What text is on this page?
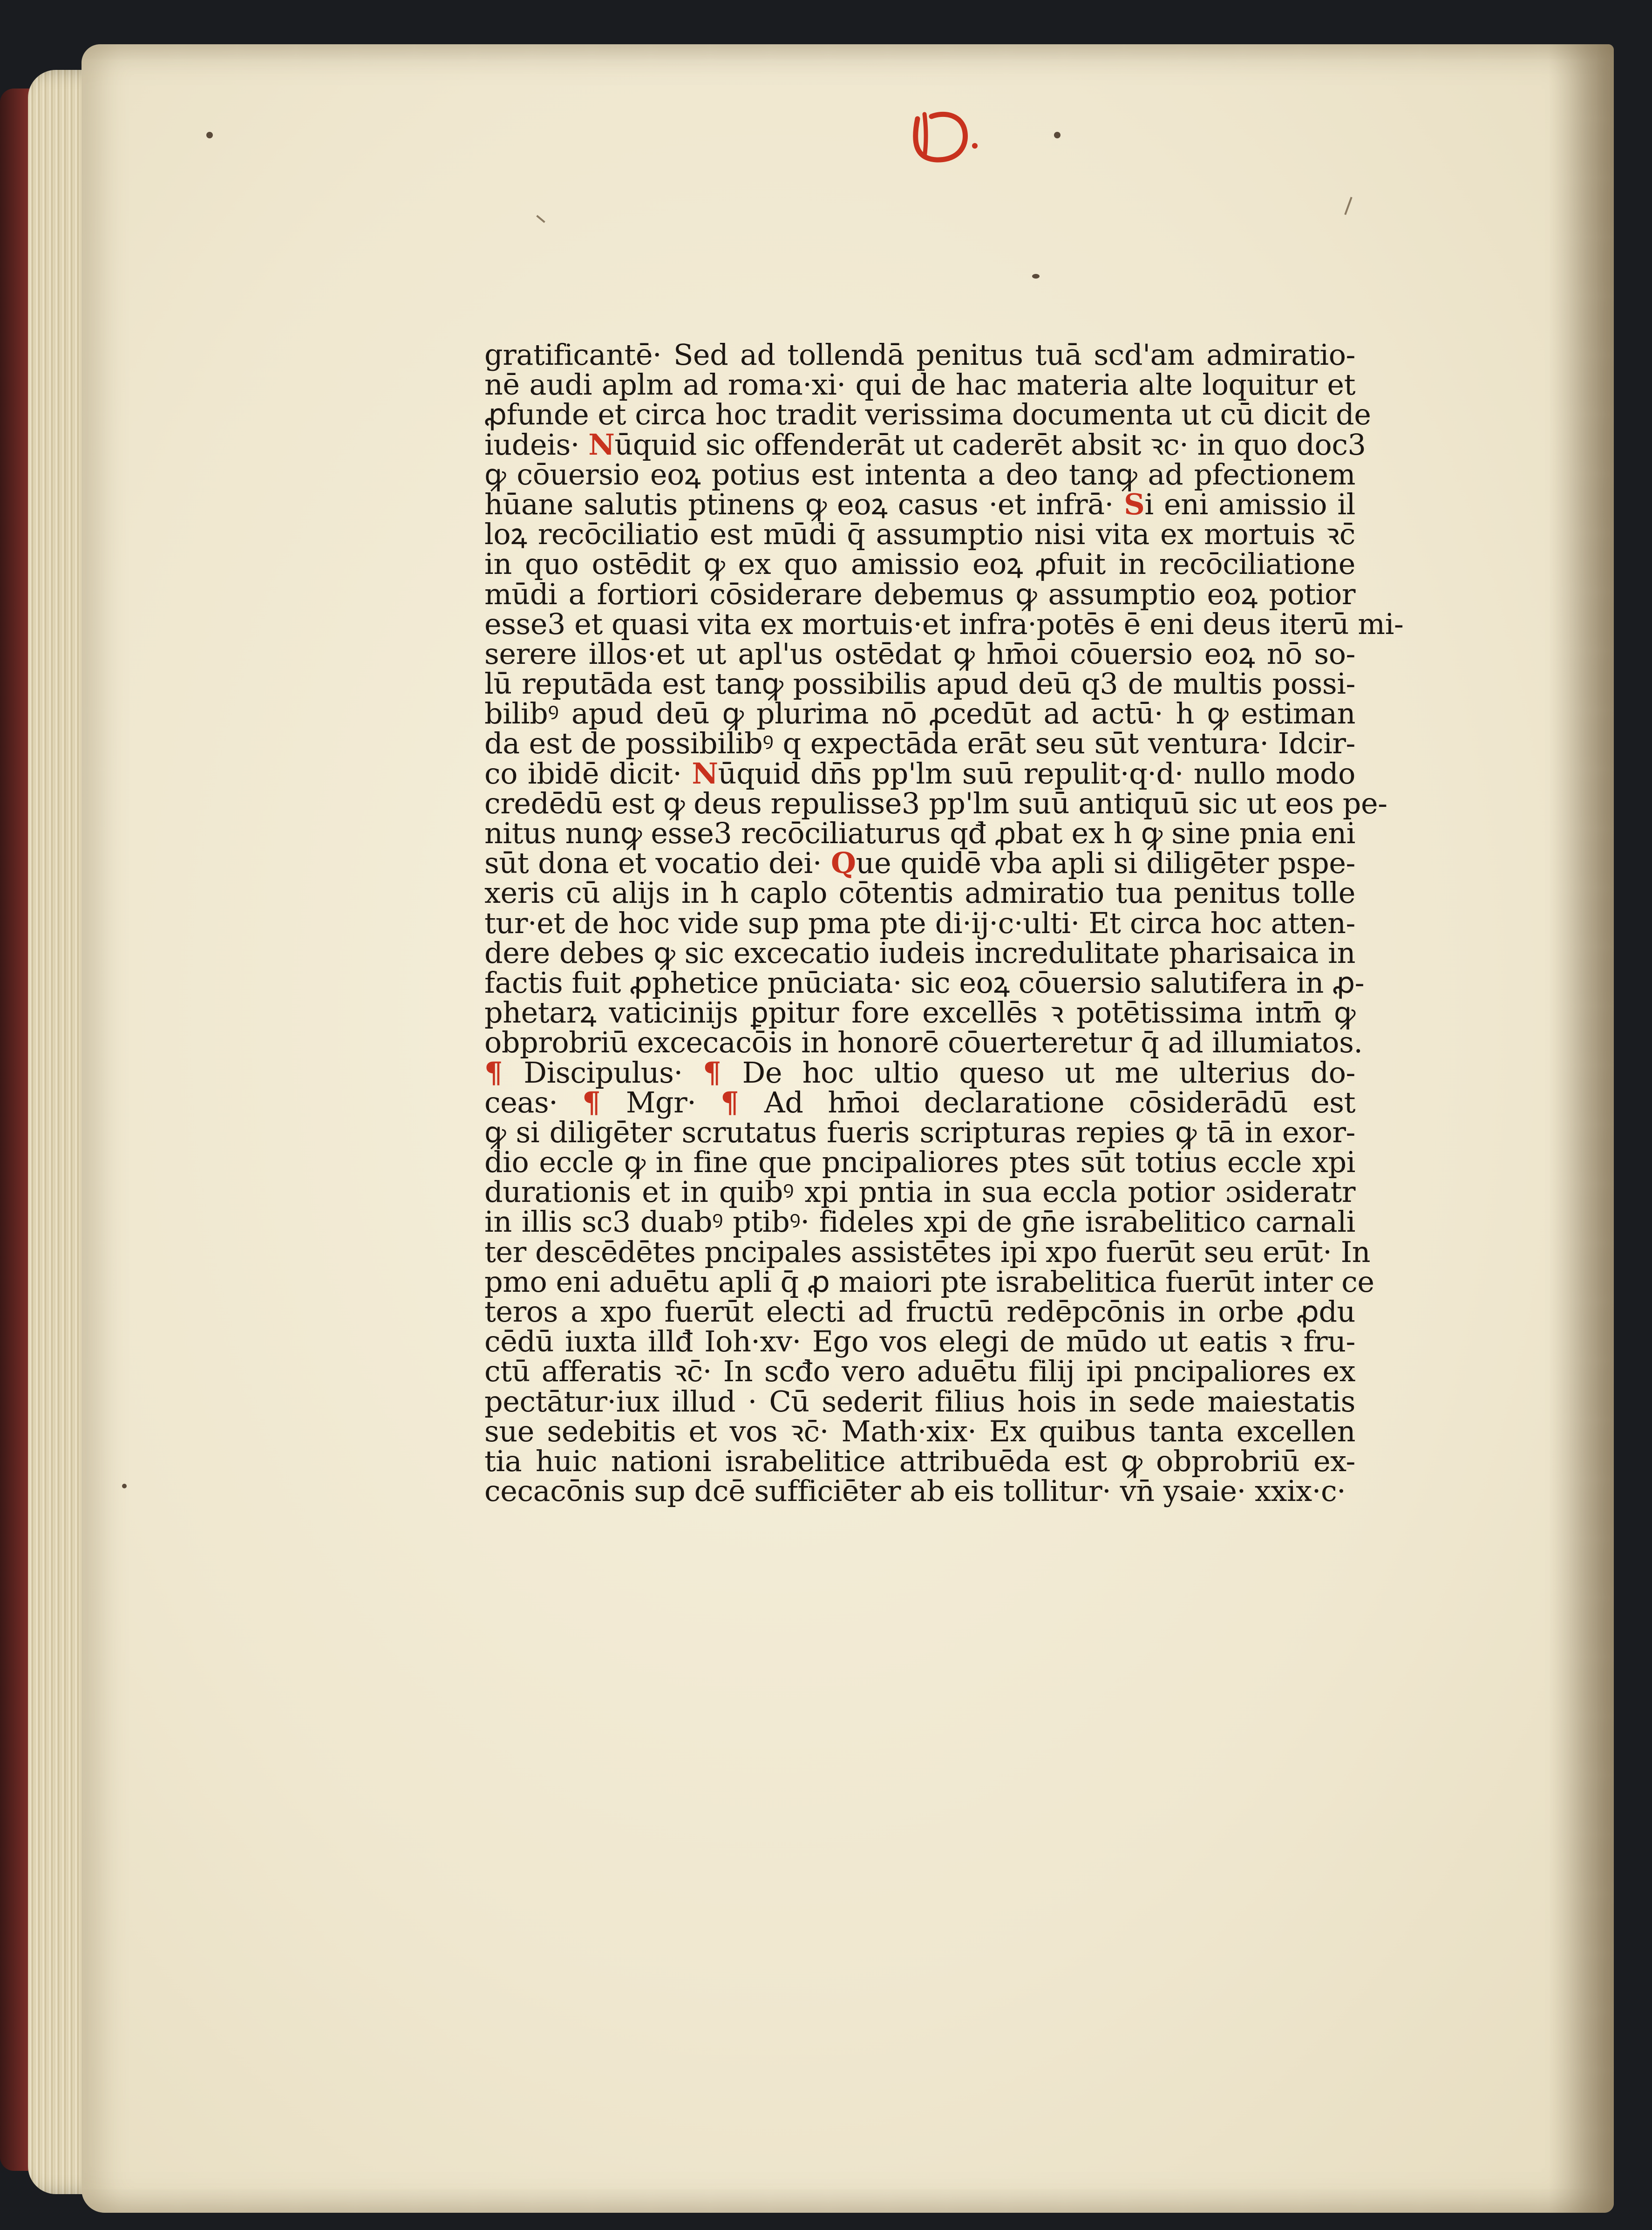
gratificantē· Sed ad tollendā penitus tuā scd'am admiratio-
nē audi aplm ad roma·xi· qui de hac materia alte loquitur et
ꝓfunde et circa hoc tradit verissima documenta ut cū dicit de
iudeis· Nūquid sic offenderāt ut caderēt absit ꝛc· in quo doc3
ꝙ cōuersio eoꝝ potius est intenta a deo tanꝙ ad pfectionem
hūane salutis ptinens ꝙ eoꝝ casus ·et infrā· Si eni amissio il
loꝝ recōciliatio est mūdi q̄ assumptio nisi vita ex mortuis ꝛc̄
in quo ostēdit ꝙ ex quo amissio eoꝝ ꝓfuit in recōciliatione
mūdi a fortiori cōsiderare debemus ꝙ assumptio eoꝝ potior
esse3 et quasi vita ex mortuis·et infra·potēs ē eni deus iterū mi-
serere illos·et ut apl'us ostēdat ꝙ hm̄oi cōuersio eoꝝ nō so-
lū reputāda est tanꝙ possibilis apud deū q3 de multis possi-
bilibꝰ apud deū ꝙ plurima nō ꝓcedūt ad actū· h ꝙ estiman
da est de possibilibꝰ q expectāda erāt seu sūt ventura· Idcir-
co ibidē dicit· Nūquid dn̄s pp'lm suū repulit·q·d· nullo modo
credēdū est ꝙ deus repulisse3 pp'lm suū antiquū sic ut eos pe-
nitus nunꝙ esse3 recōciliaturus qđ ꝓbat ex h ꝙ sine pnia eni
sūt dona et vocatio dei· Que quidē vba apli si diligēter pspe-
xeris cū alijs in h caplo cōtentis admiratio tua penitus tolle
tur·et de hoc vide sup pma pte di·ij·c·ulti· Et circa hoc atten-
dere debes ꝙ sic excecatio iudeis incredulitate pharisaica in
factis fuit ꝓphetice pnūciata· sic eoꝝ cōuersio salutifera in ꝓ-
phetarꝝ vaticinijs ꝑpitur fore excellēs ꝛ potētissima intm̄ ꝙ
obprobriū excecacōis in honorē cōuerteretur q̄ ad illumiatos.
¶ Discipulus· ¶ De hoc ultio queso ut me ulterius do-
ceas· ¶ Mgr· ¶ Ad hm̄oi declaratione cōsiderādū est
ꝙ si diligēter scrutatus fueris scripturas repies ꝙ tā in exor-
dio eccle ꝙ in fine que pncipaliores ptes sūt totius eccle xpi
durationis et in quibꝰ xpi pntia in sua eccla potior ɔsideratr
in illis sc3 duabꝰ ptibꝰ· fideles xpi de gn̄e israbelitico carnali
ter descēdētes pncipales assistētes ipi xpo fuerūt seu erūt· In
pmo eni aduētu apli q̄ ꝓ maiori pte israbelitica fuerūt inter ce
teros a xpo fuerūt electi ad fructū redēpcōnis in orbe ꝓdu
cēdū iuxta illđ Ioh·xv· Ego vos elegi de mūdo ut eatis ꝛ fru-
ctū afferatis ꝛc̄· In scđo vero aduētu filij ipi pncipaliores ex
pectātur·iux illud · Cū sederit filius hois in sede maiestatis
sue sedebitis et vos ꝛc̄· Math·xix· Ex quibus tanta excellen
tia huic nationi israbelitice attribuēda est ꝙ obprobriū ex-
cecacōnis sup dcē sufficiēter ab eis tollitur· vn̄ ysaie· xxix·c·
